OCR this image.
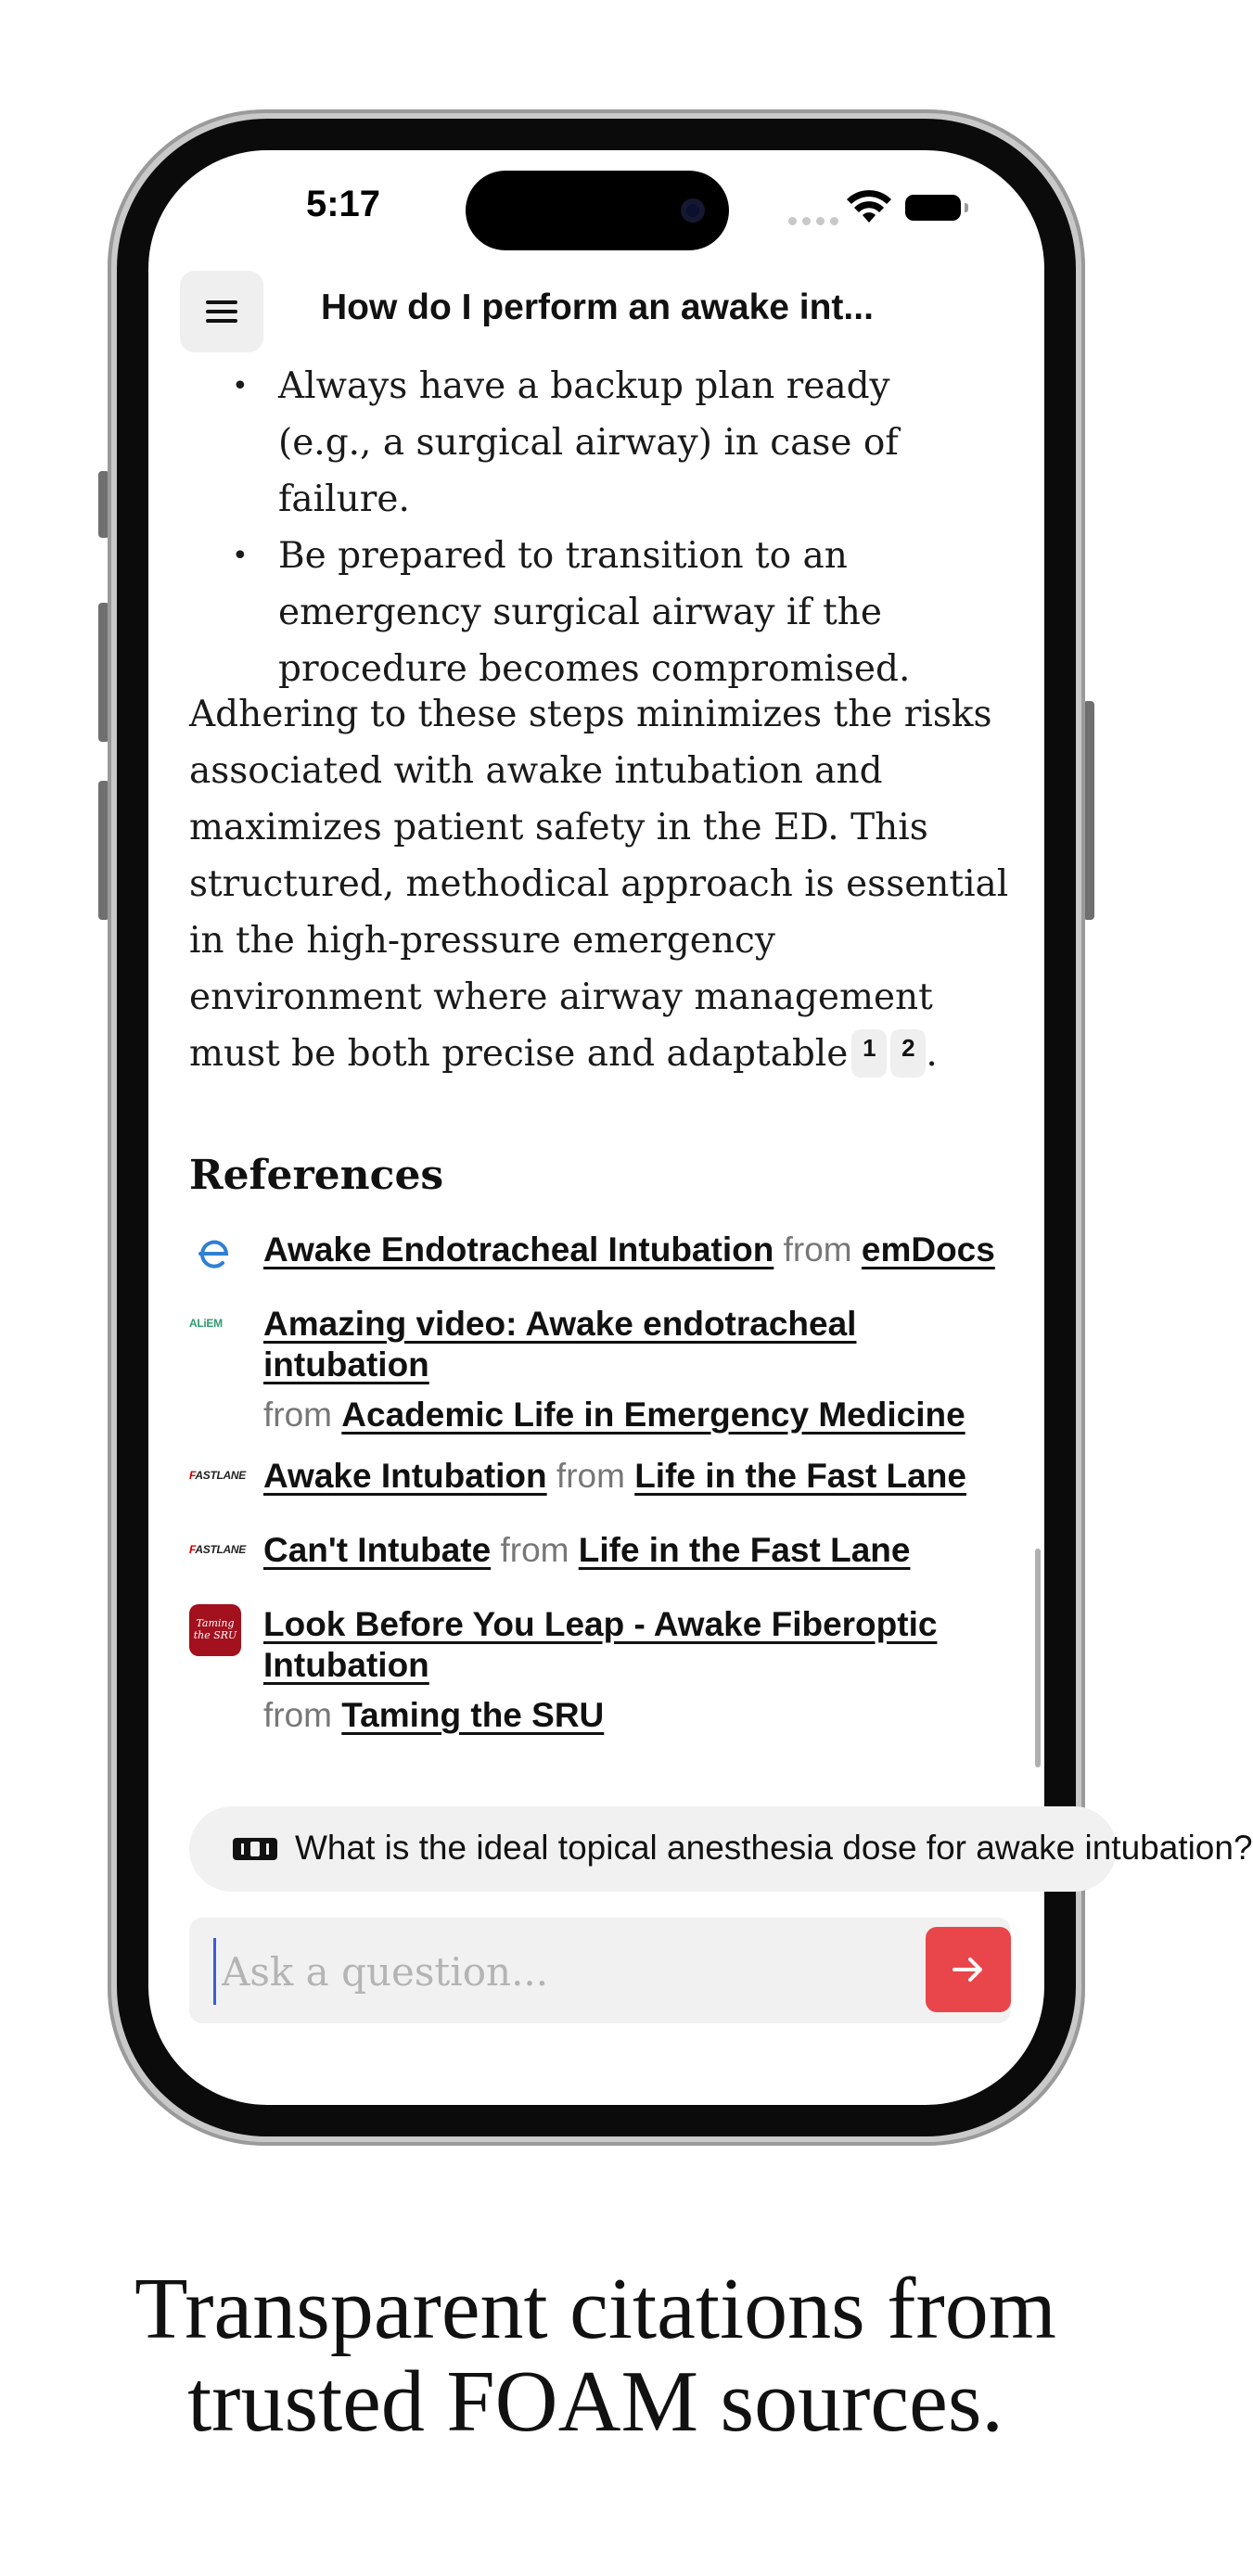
5:17
How do I perform an awake int...
• Always have a backup plan ready (e.g., a surgical airway) in case of failure.
• Be prepared to transition to an emergency surgical airway if the procedure becomes compromised.

Adhering to these steps minimizes the risks associated with awake intubation and maximizes patient safety in the ED. This structured, methodical approach is essential in the high-pressure emergency environment where airway management must be both precise and adaptable 1 2 .

References
Awake Endotracheal Intubation from emDocs
ALiEM	Amazing video: Awake endotracheal intubation
from Academic Life in Emergency Medicine
FASTLANE Awake Intubation from Life in the Fast Lane
FASTLANE Can't Intubate from Life in the Fast Lane
Taming the SRU Look Before You Leap - Awake Fiberoptic Intubation
from Taming the SRU
What is the ideal topical anesthesia dose for awake intubation?
Ask a question...
Transparent citations from
trusted FOAM sources.
